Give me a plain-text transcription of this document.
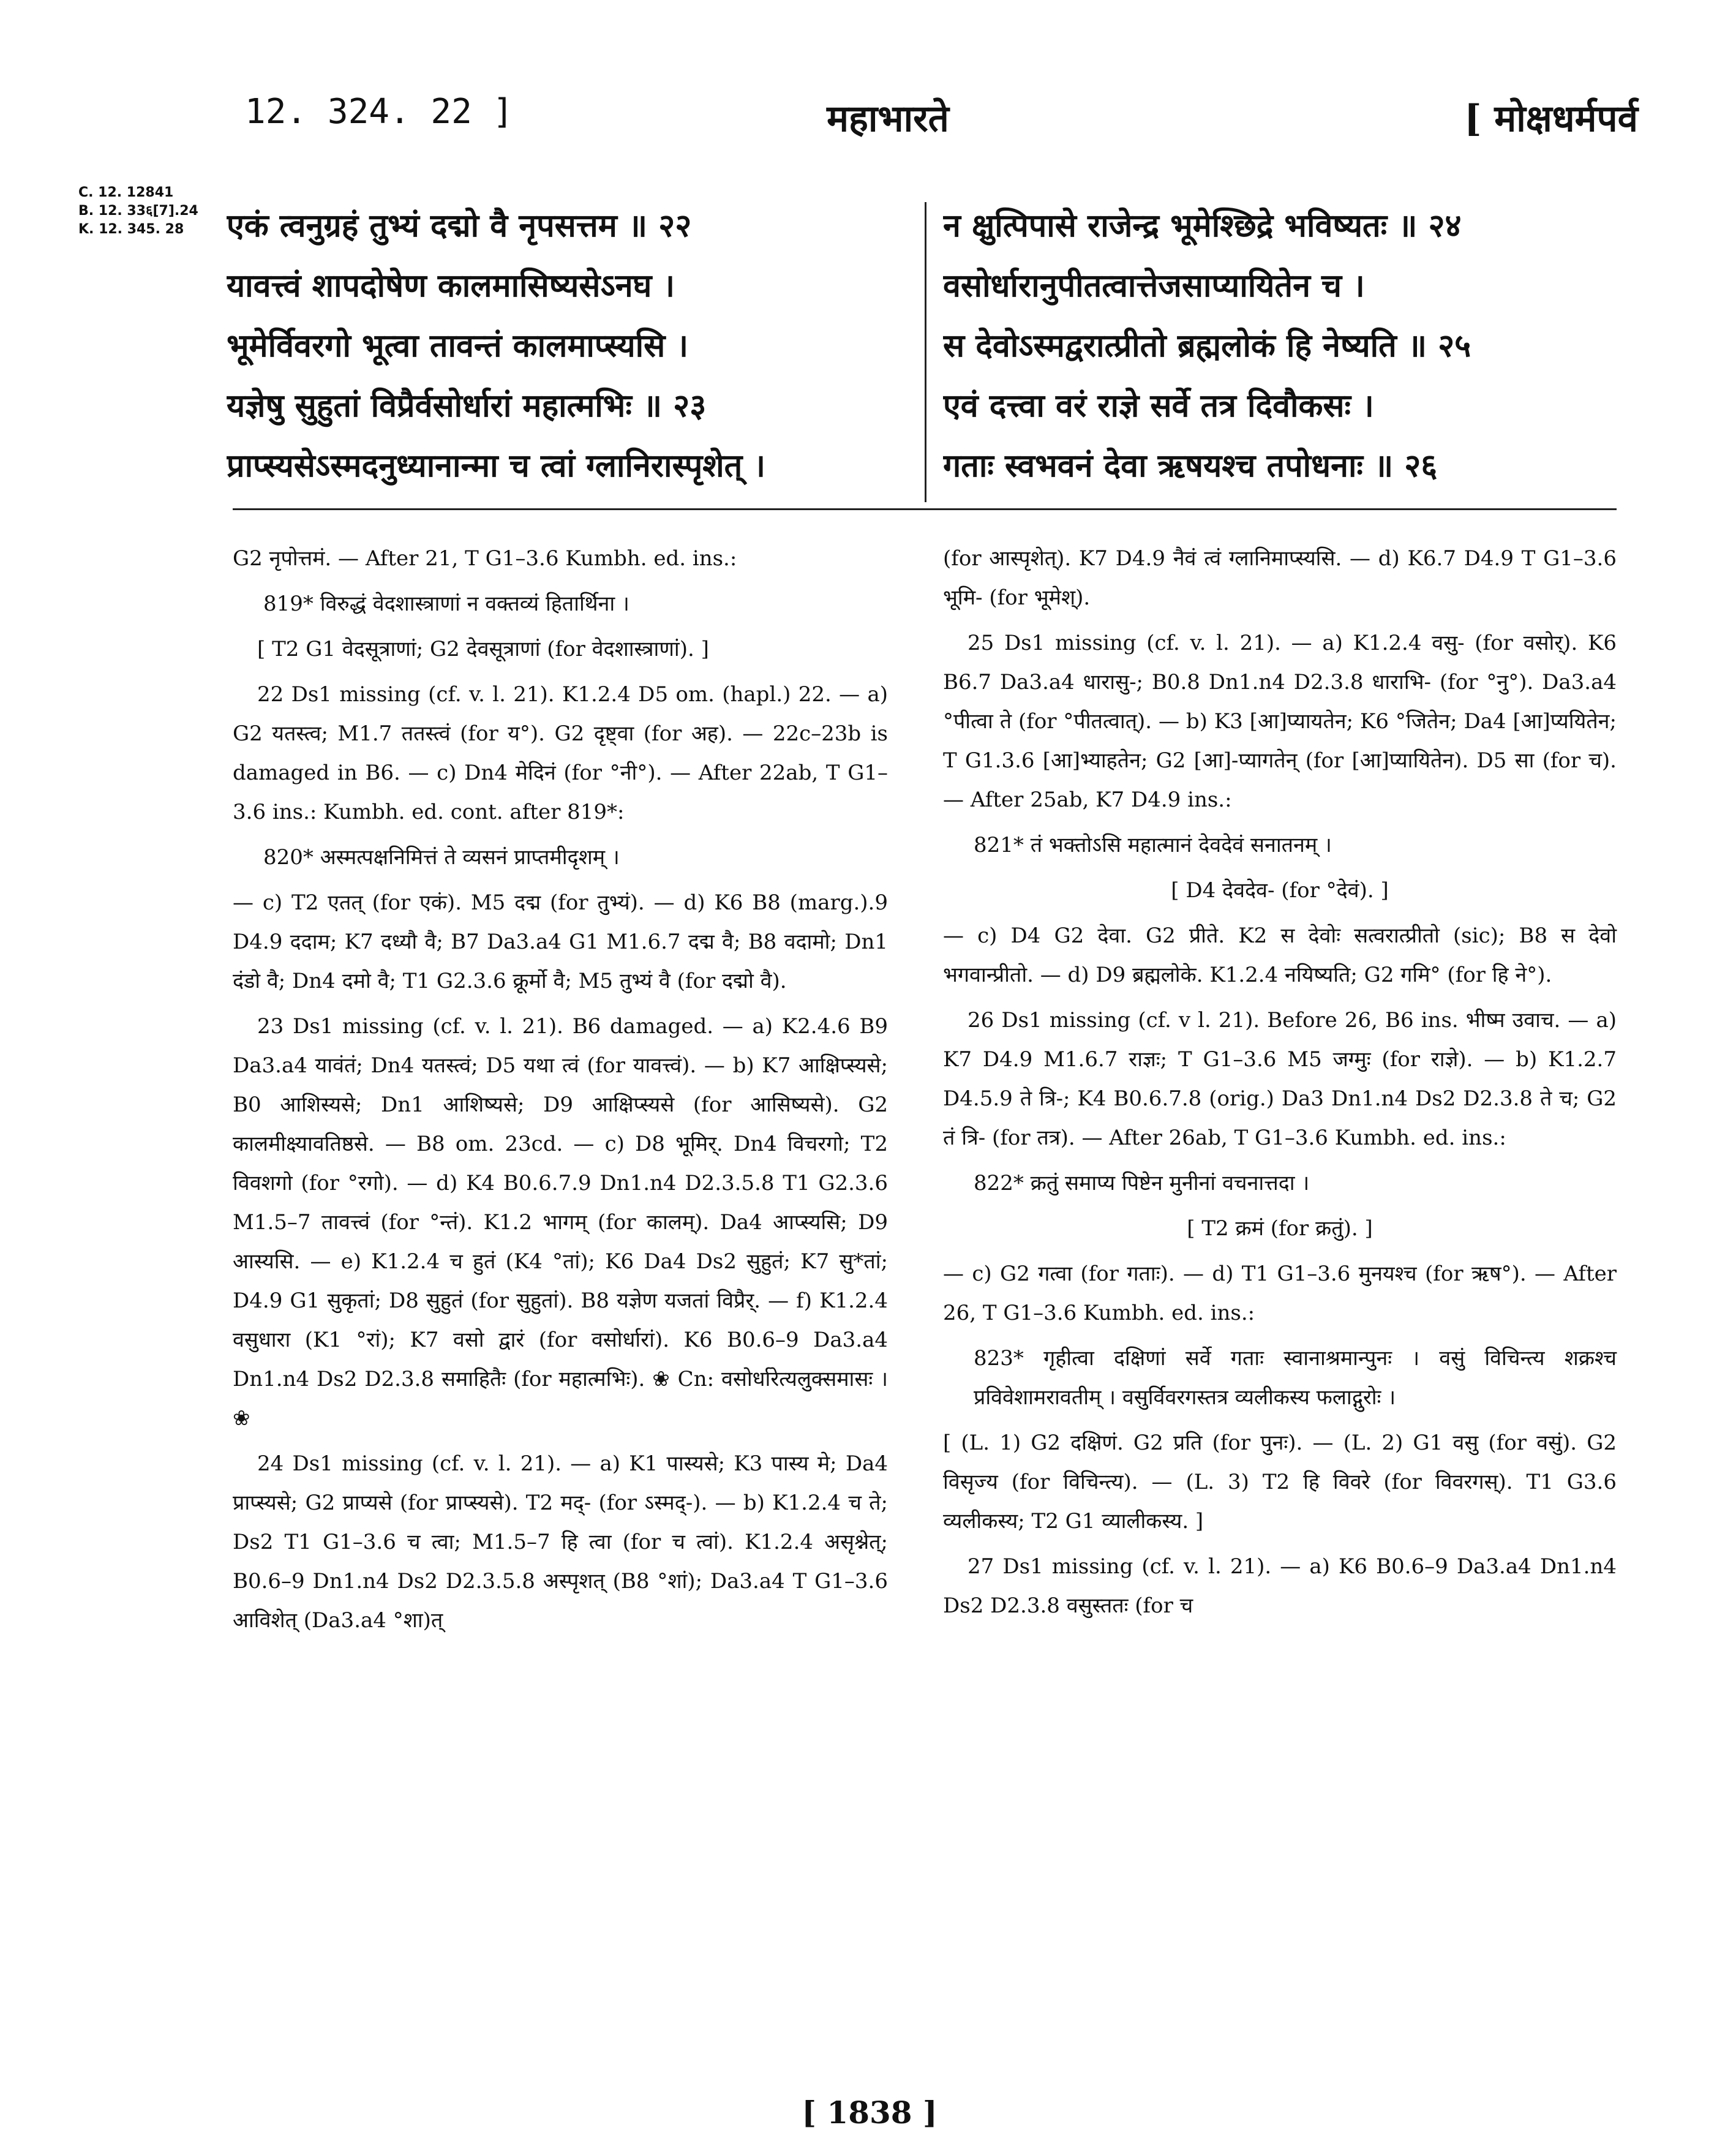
12. 324. 22 ]	महाभारते	[ मोक्षधर्मपर्व
C. 12. 12841
B. 12. 33६[7].24
K. 12. 345. 28	एकं त्वनुग्रहं तुभ्यं दद्मो वै नृपसत्तम ॥ २२
यावत्त्वं शापदोषेण कालमासिष्यसेऽनघ ।
भूमेर्विवरगो भूत्वा तावन्तं कालमाप्स्यसि ।
यज्ञेषु सुहुतां विप्रैर्वसोर्धारां महात्मभिः ॥ २३
प्राप्स्यसेऽस्मदनुध्यानान्मा च त्वां ग्लानिरास्पृशेत् ।
न क्षुत्पिपासे राजेन्द्र भूमेश्छिद्रे भविष्यतः ॥ २४
वसोर्धारानुपीतत्वात्तेजसाप्यायितेन च ।
स देवोऽस्मद्वरात्प्रीतो ब्रह्मलोकं हि नेष्यति ॥ २५
एवं दत्त्वा वरं राज्ञे सर्वे तत्र दिवौकसः ।
गताः स्वभवनं देवा ऋषयश्च तपोधनाः ॥ २६

G2 नृपोत्तमं. — After 21, T G1–3.6 Kumbh. ed. ins.:

819* विरुद्धं वेदशास्त्राणां न वक्तव्यं हितार्थिना ।

[ T2 G1 वेदसूत्राणां; G2 देवसूत्राणां (for वेदशास्त्राणां). ]

22 Ds1 missing (cf. v. l. 21). K1.2.4 D5 om. (hapl.) 22. — a) G2 यतस्त्व; M1.7 ततस्त्वं (for य°). G2 दृष्ट्वा (for अह). — 22c–23b is damaged in B6. — c) Dn4 मेदिनं (for °नी°). — After 22ab, T G1–3.6 ins.: Kumbh. ed. cont. after 819*:

820* अस्मत्पक्षनिमित्तं ते व्यसनं प्राप्तमीदृशम् ।

— c) T2 एतत् (for एकं). M5 दद्म (for तुभ्यं). — d) K6 B8 (marg.).9 D4.9 ददाम; K7 दध्यौ वै; B7 Da3.a4 G1 M1.6.7 दद्म वै; B8 वदामो; Dn1 दंडो वै; Dn4 दमो वै; T1 G2.3.6 क्रूर्मो वै; M5 तुभ्यं वै (for दद्मो वै).

23 Ds1 missing (cf. v. l. 21). B6 damaged. — a) K2.4.6 B9 Da3.a4 यावंतं; Dn4 यतस्त्वं; D5 यथा त्वं (for यावत्त्वं). — b) K7 आक्षिप्स्यसे; B0 आशिस्यसे; Dn1 आशिष्यसे; D9 आक्षिप्स्यसे (for आसिष्यसे). G2 कालमीक्ष्यावतिष्ठसे. — B8 om. 23cd. — c) D8 भूमिर्. Dn4 विचरगो; T2 विवशगो (for °रगो). — d) K4 B0.6.7.9 Dn1.n4 D2.3.5.8 T1 G2.3.6 M1.5–7 तावत्त्वं (for °न्तं). K1.2 भागम् (for कालम्). Da4 आप्स्यसि; D9 आस्यसि. — e) K1.2.4 च हुतं (K4 °तां); K6 Da4 Ds2 सुहुतं; K7 सु*तां; D4.9 G1 सुकृतां; D8 सुहुतं (for सुहुतां). B8 यज्ञेण यजतां विप्रैर्. — f) K1.2.4 वसुधारा (K1 °रां); K7 वसो द्वारं (for वसोर्धारां). K6 B0.6–9 Da3.a4 Dn1.n4 Ds2 D2.3.8 समाहितैः (for महात्मभिः). ❀ Cn: वसोर्धारेत्यलुक्समासः । ❀

24 Ds1 missing (cf. v. l. 21). — a) K1 पास्यसे; K3 पास्य मे; Da4 प्राप्स्यसे; G2 प्राप्यसे (for प्राप्स्यसे). T2 मद्- (for ऽस्मद्-). — b) K1.2.4 च ते; Ds2 T1 G1–3.6 च त्वा; M1.5–7 हि त्वा (for च त्वां). K1.2.4 असृश्नेत्; B0.6–9 Dn1.n4 Ds2 D2.3.5.8 अस्पृशत् (B8 °शां); Da3.a4 T G1–3.6 आविशेत् (Da3.a4 °शा)त्

(for आस्पृशेत्). K7 D4.9 नैवं त्वं ग्लानिमाप्स्यसि. — d) K6.7 D4.9 T G1–3.6 भूमि- (for भूमेश्).

25 Ds1 missing (cf. v. l. 21). — a) K1.2.4 वसु- (for वसोर्). K6 B6.7 Da3.a4 धारासु-; B0.8 Dn1.n4 D2.3.8 धाराभि- (for °नु°). Da3.a4 °पीत्वा ते (for °पीतत्वात्). — b) K3 [आ]प्यायतेन; K6 °जितेन; Da4 [आ]प्ययितेन; T G1.3.6 [आ]भ्याहतेन; G2 [आ]-प्यागतेन् (for [आ]प्यायितेन). D5 सा (for च). — After 25ab, K7 D4.9 ins.:

821* तं भक्तोऽसि महात्मानं देवदेवं सनातनम् ।

[ D4 देवदेव- (for °देवं). ]

— c) D4 G2 देवा. G2 प्रीते. K2 स देवोः सत्वरात्प्रीतो (sic); B8 स देवो भगवान्प्रीतो. — d) D9 ब्रह्मलोके. K1.2.4 नयिष्यति; G2 गमि° (for हि ने°).

26 Ds1 missing (cf. v l. 21). Before 26, B6 ins. भीष्म उवाच. — a) K7 D4.9 M1.6.7 राज्ञः; T G1–3.6 M5 जग्मुः (for राज्ञे). — b) K1.2.7 D4.5.9 ते त्रि-; K4 B0.6.7.8 (orig.) Da3 Dn1.n4 Ds2 D2.3.8 ते च; G2 तं त्रि- (for तत्र). — After 26ab, T G1–3.6 Kumbh. ed. ins.:

822* क्रतुं समाप्य पिष्टेन मुनीनां वचनात्तदा ।

[ T2 क्रमं (for क्रतुं). ]

— c) G2 गत्वा (for गताः). — d) T1 G1–3.6 मुनयश्च (for ऋष°). — After 26, T G1–3.6 Kumbh. ed. ins.:

823* गृहीत्वा दक्षिणां सर्वे गताः स्वानाश्रमान्पुनः । वसुं विचिन्त्य शक्रश्च प्रविवेशामरावतीम् । वसुर्विवरगस्तत्र व्यलीकस्य फलाद्गुरोः ।

[ (L. 1) G2 दक्षिणं. G2 प्रति (for पुनः). — (L. 2) G1 वसु (for वसुं). G2 विसृज्य (for विचिन्त्य). — (L. 3) T2 हि विवरे (for विवरगस्). T1 G3.6 व्यलीकस्य; T2 G1 व्यालीकस्य. ]

27 Ds1 missing (cf. v. l. 21). — a) K6 B0.6–9 Da3.a4 Dn1.n4 Ds2 D2.3.8 वसुस्ततः (for च

[ 1838 ]
